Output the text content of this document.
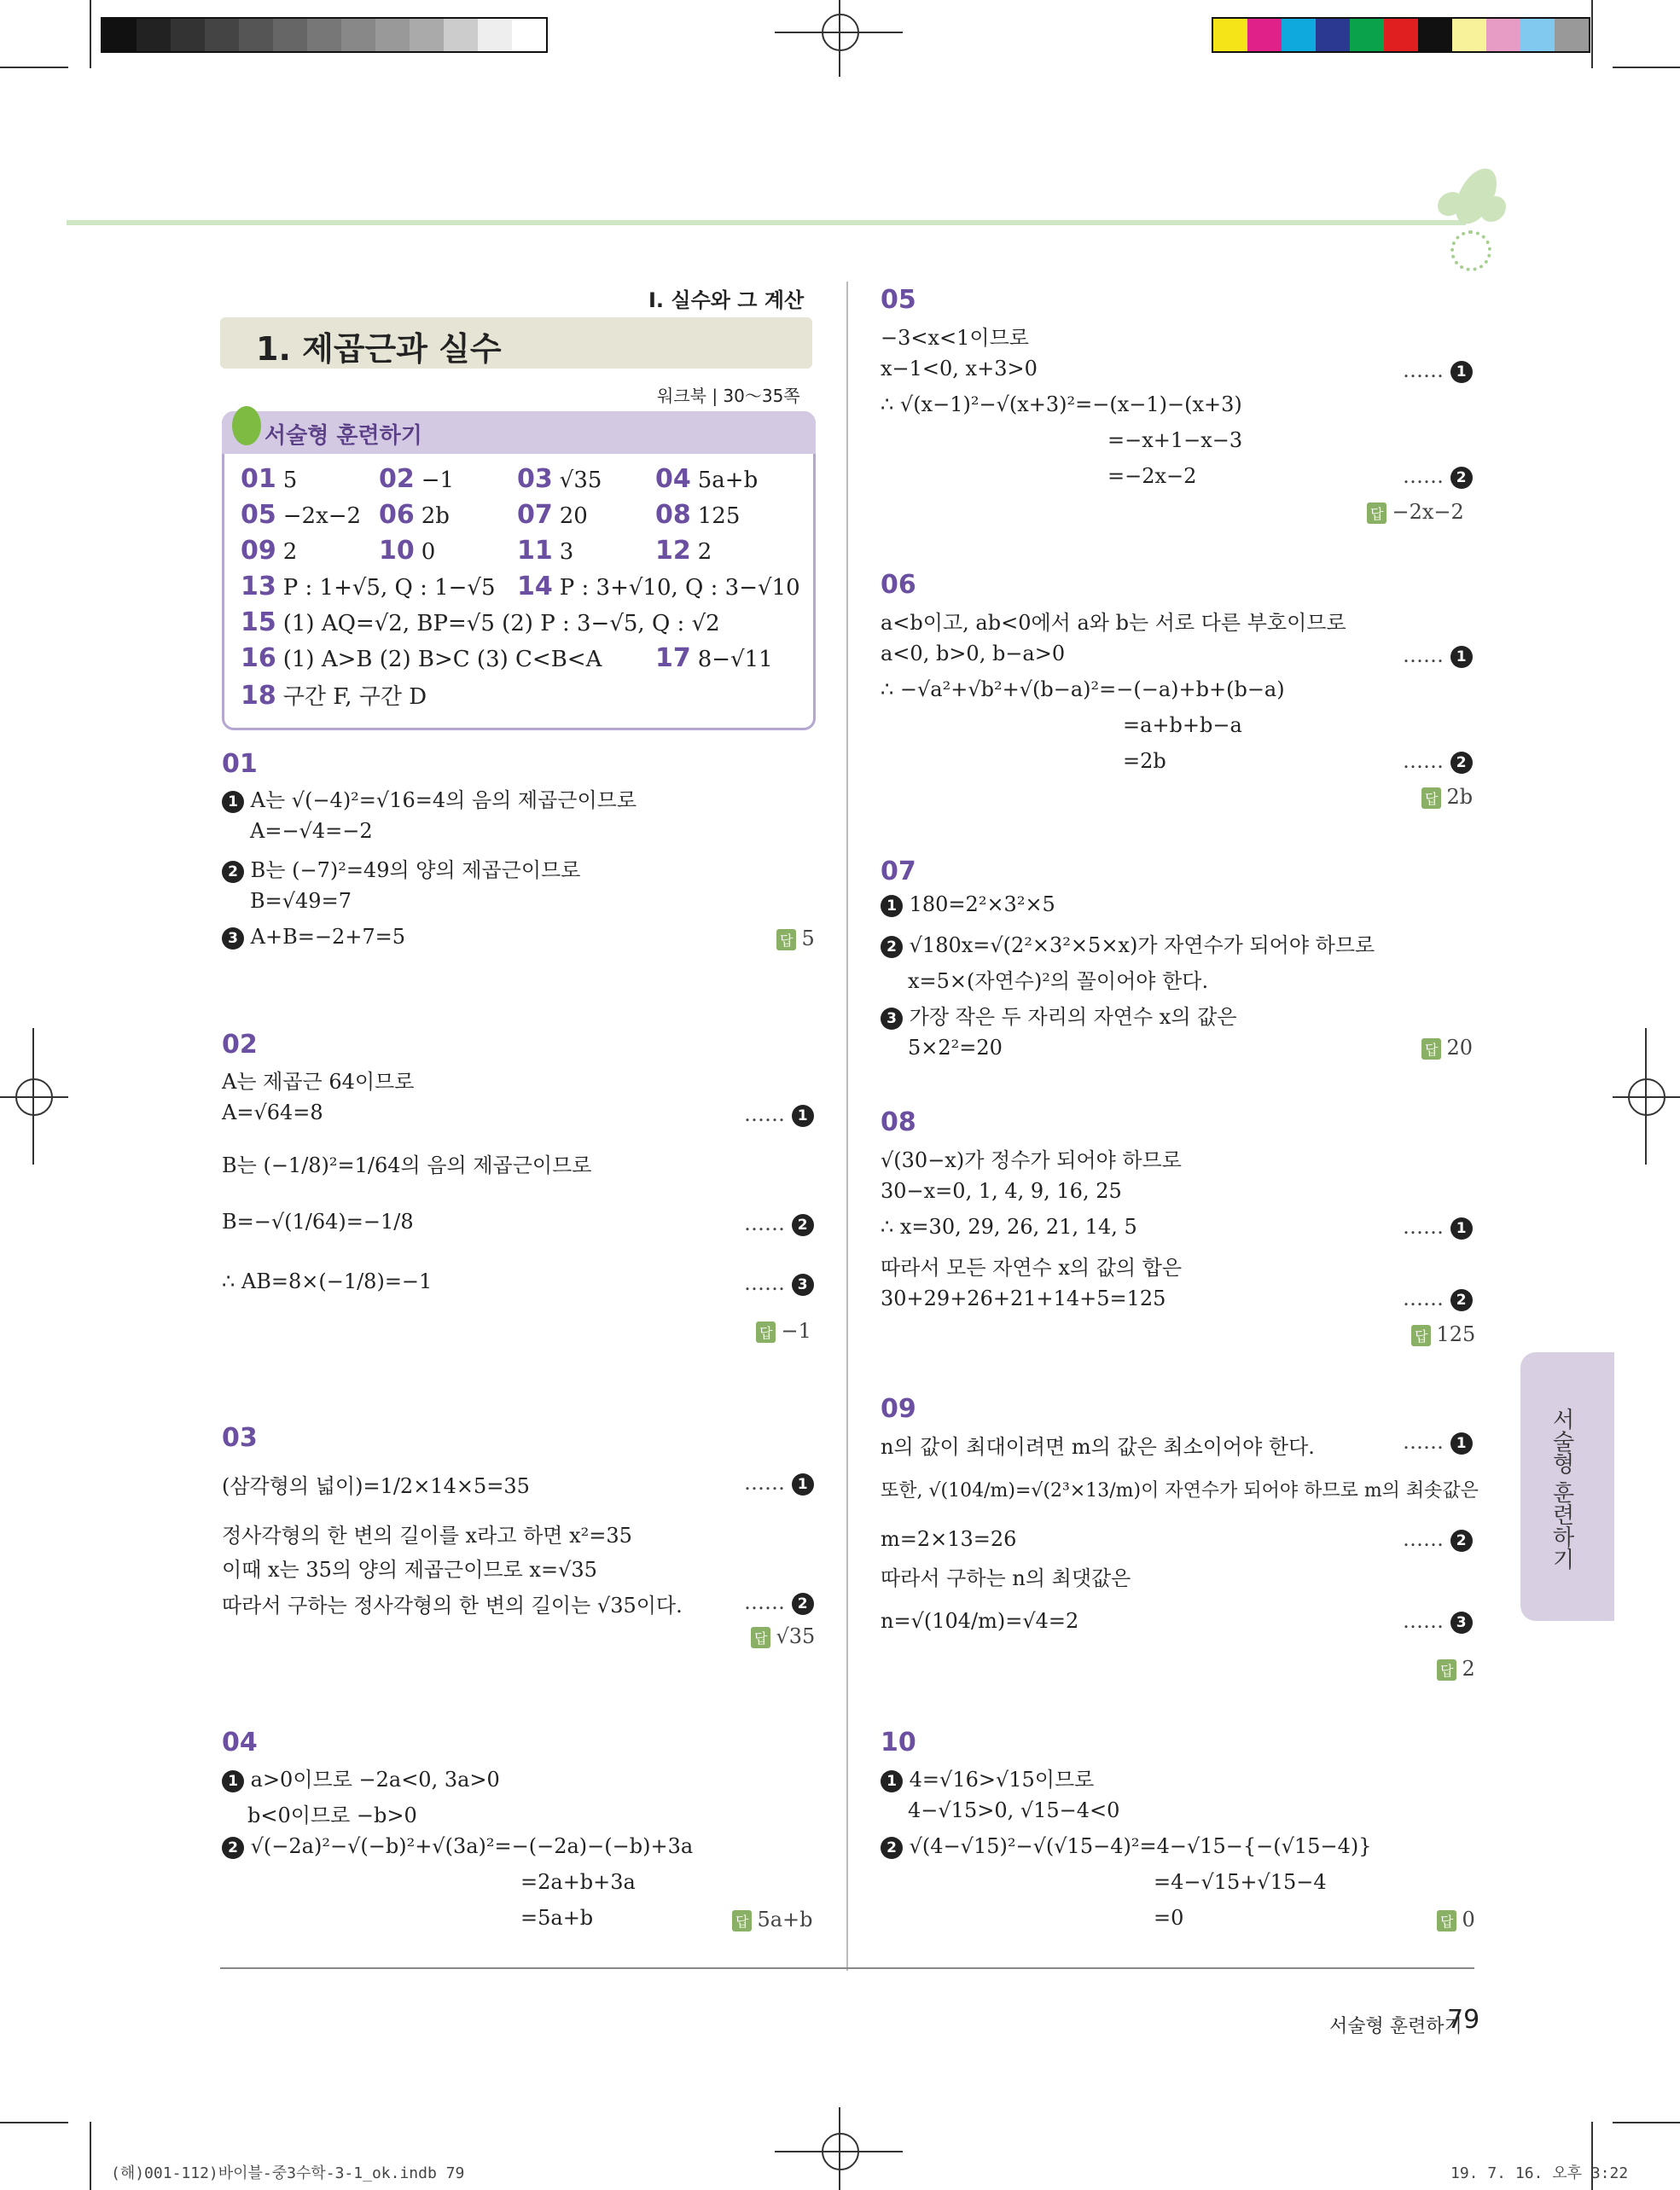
Ⅰ. 실수와 그 계산
1. 제곱근과 실수
워크북 | 30～35쪽
서술형 훈련하기
01 5	02 −1 03 √35 04 5a+b
05 −2x−2 06 2b	07 20	08 125
09 2	10 0	11 3	12 2
13 P : 1+√5, Q : 1−√5 14 P : 3+√10, Q : 3−√10
15 (1) AQ=√2, BP=√5 (2) P : 3−√5, Q : √2
16 (1) A>B (2) B>C (3) C<B<A 17 8−√11
18 구간 F, 구간 D
01
1 A는 √(−4)²=√16=4의 음의 제곱근이므로
A=−√4=−2
2 B는 (−7)²=49의 양의 제곱근이므로
B=√49=7
3 A+B=−2+7=5	답 5
02
A는 제곱근 64이므로
A=√64=8	…… 1
B는 (−1/8)²=1/64의 음의 제곱근이므로
B=−√(1/64)=−1/8	…… 2
∴ AB=8×(−1/8)=−1	…… 3
답 −1
03
(삼각형의 넓이)=1/2×14×5=35	…… 1
정사각형의 한 변의 길이를 x라고 하면 x²=35
이때 x는 35의 양의 제곱근이므로 x=√35
따라서 구하는 정사각형의 한 변의 길이는 √35이다.	…… 2
답 √35
04
1 a>0이므로 −2a<0, 3a>0
b<0이므로 −b>0
2 √(−2a)²−√(−b)²+√(3a)²=−(−2a)−(−b)+3a
=2a+b+3a
=5a+b	답 5a+b
05
−3<x<1이므로
x−1<0, x+3>0	…… 1
∴ √(x−1)²−√(x+3)²=−(x−1)−(x+3)
=−x+1−x−3
=−2x−2	…… 2
답 −2x−2
06
a<b이고, ab<0에서 a와 b는 서로 다른 부호이므로
a<0, b>0, b−a>0	…… 1
∴ −√a²+√b²+√(b−a)²=−(−a)+b+(b−a)
=a+b+b−a
=2b	…… 2
답 2b
07
1 180=2²×3²×5
2 √180x=√(2²×3²×5×x)가 자연수가 되어야 하므로
x=5×(자연수)²의 꼴이어야 한다.
3 가장 작은 두 자리의 자연수 x의 값은
5×2²=20	답 20
08
√(30−x)가 정수가 되어야 하므로
30−x=0, 1, 4, 9, 16, 25
∴ x=30, 29, 26, 21, 14, 5	…… 1
따라서 모든 자연수 x의 값의 합은
30+29+26+21+14+5=125	…… 2
답 125
09
n의 값이 최대이려면 m의 값은 최소이어야 한다.	…… 1
또한, √(104/m)=√(2³×13/m)이 자연수가 되어야 하므로 m의 최솟값은
m=2×13=26	…… 2
따라서 구하는 n의 최댓값은
n=√(104/m)=√4=2	…… 3
답 2
10
1 4=√16>√15이므로
4−√15>0, √15−4<0
2 √(4−√15)²−√(√15−4)²=4−√15−{−(√15−4)}
=4−√15+√15−4
=0	답 0
서술형 훈련하기
서술형 훈련하기
79
(해)001-112)바이블-중3수학-3-1_ok.indb 79	19. 7. 16. 오후 3:22
